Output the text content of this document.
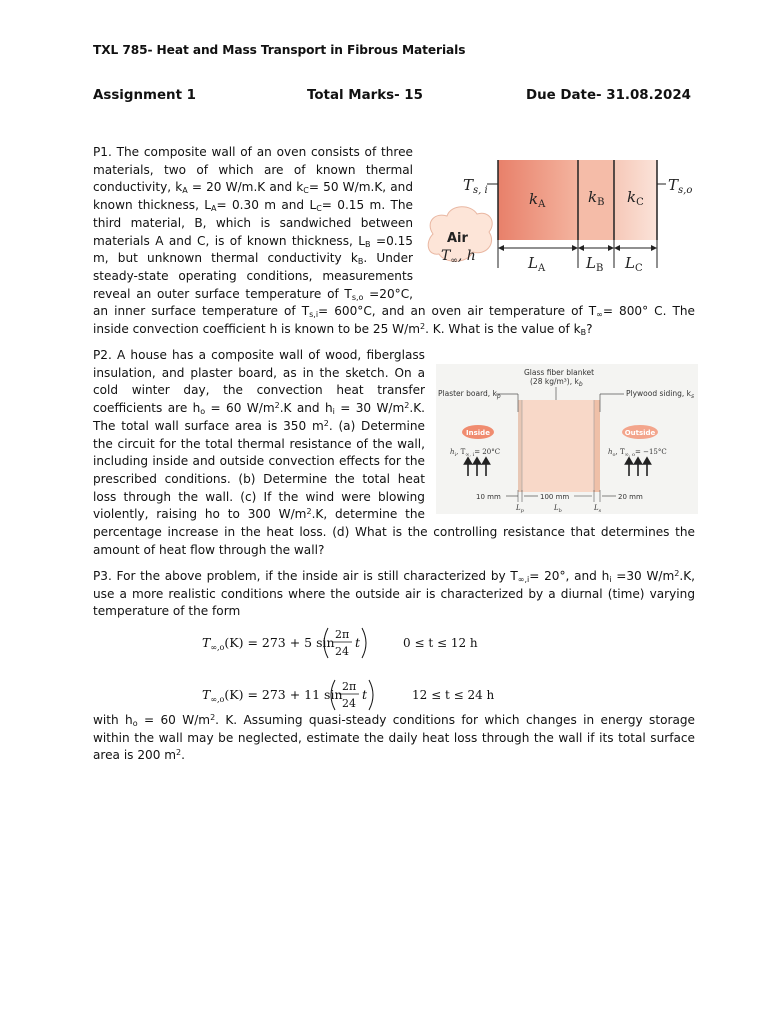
TXL 785- Heat and Mass Transport in Fibrous Materials
Assignment 1	Total Marks- 15	Due Date- 31.08.2024

P1. The composite wall of an oven consists of three materials, two of which are of known thermal conductivity, $k_A = 20$ W/m.K and $k_C= 50$ W/m.K, and known thickness, $L_A= 0.30$ m and $L_C= 0.15$ m. The third material, B, which is sandwiched between materials A and C, is of known thickness, $L_B =0.15$ m, but unknown thermal conductivity $k_B$. Under steady-state operating conditions, measurements reveal an outer surface temperature of $T_{s,o} =20^\circ C$, an inner surface temperature of $T_{s,i}= 600^\circ C$, and an oven air temperature of $T_\infty= 800^\circ$ C. The inside convection coefficient h is known to be 25 $W/m^2$. K. What is the value of $k_B$?

$T_{s, i}$	$T_{s,o}$
$k_A$	$k_B$ $k_C$
Air
$T_\infty$, h	$L_A$	$L_B$ $L_C$

P2. A house has a composite wall of wood, fiberglass insulation, and plaster board, as in the sketch. On a cold winter day, the convection heat transfer coefficients are $h_o = 60$ $W/m^2.K$ and $h_i = 30$ $W/m^2.K$. The total wall surface area is 350 $m^2$. (a) Determine the circuit for the total thermal resistance of the wall, including inside and outside convection effects for the prescribed conditions. (b) Determine the total heat loss through the wall. (c) If the wind were blowing violently, raising ho to 300 $W/m^2.K$, determine the percentage increase in the heat loss. (d) What is the controlling resistance that determines the amount of heat flow through the wall?

Glass fiber blanket
(28 kg/m³), $k_b$
Plaster board, $k_p$	Plywood siding, $k_s$
Inside	Outside
$h_i$, $T_{\infty, i}= 20^\circ C$	$h_o$, $T_{\infty, o}= -15^\circ C$
10 mm	100 mm	20 mm
$L_p$	$L_b$	$L_s$

P3. For the above problem, if the inside air is still characterized by $T_{\infty,i}= 20^\circ$, and $h_i =30$ $W/m^2.K$, use a more realistic conditions where the outside air is characterized by a diurnal (time) varying temperature of the form

$T_{\infty,o}(K) = 273 + 5$ sin
2π
24
t	0 ≤ t ≤ 12 h
$T_{\infty,o}(K) = 273 + 11$ sin
2π
24
t	12 ≤ t ≤ 24 h

with $h_o = 60$ $W/m^2$. K. Assuming quasi-steady conditions for which changes in energy storage within the wall may be neglected, estimate the daily heat loss through the wall if its total surface area is 200 $m^2$.
